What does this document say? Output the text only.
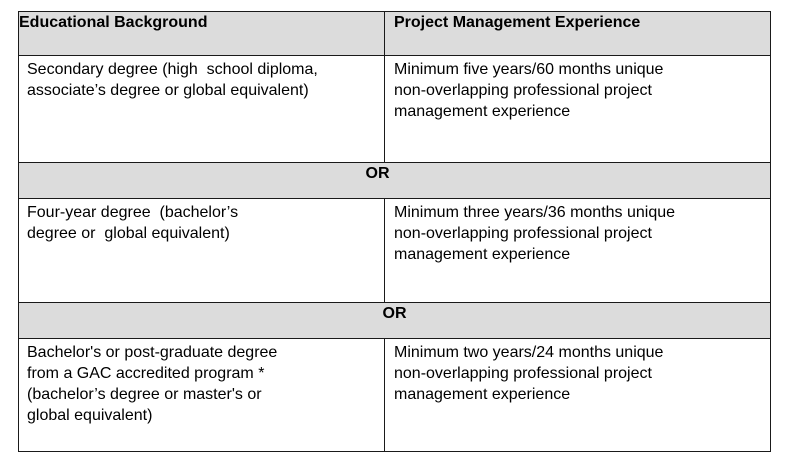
Educational Background	Project Management Experience

Secondary degree (high  school diploma,
associate’s degree or global equivalent)	Minimum five years/60 months unique
non-overlapping professional project
management experience

OR	

Four-year degree  (bachelor’s
degree or  global equivalent)	Minimum three years/36 months unique
non-overlapping professional project
management experience

OR	

Bachelor's or post-graduate degree
from a GAC accredited program *
(bachelor’s degree or master's or
global equivalent)	Minimum two years/24 months unique
non-overlapping professional project
management experience
